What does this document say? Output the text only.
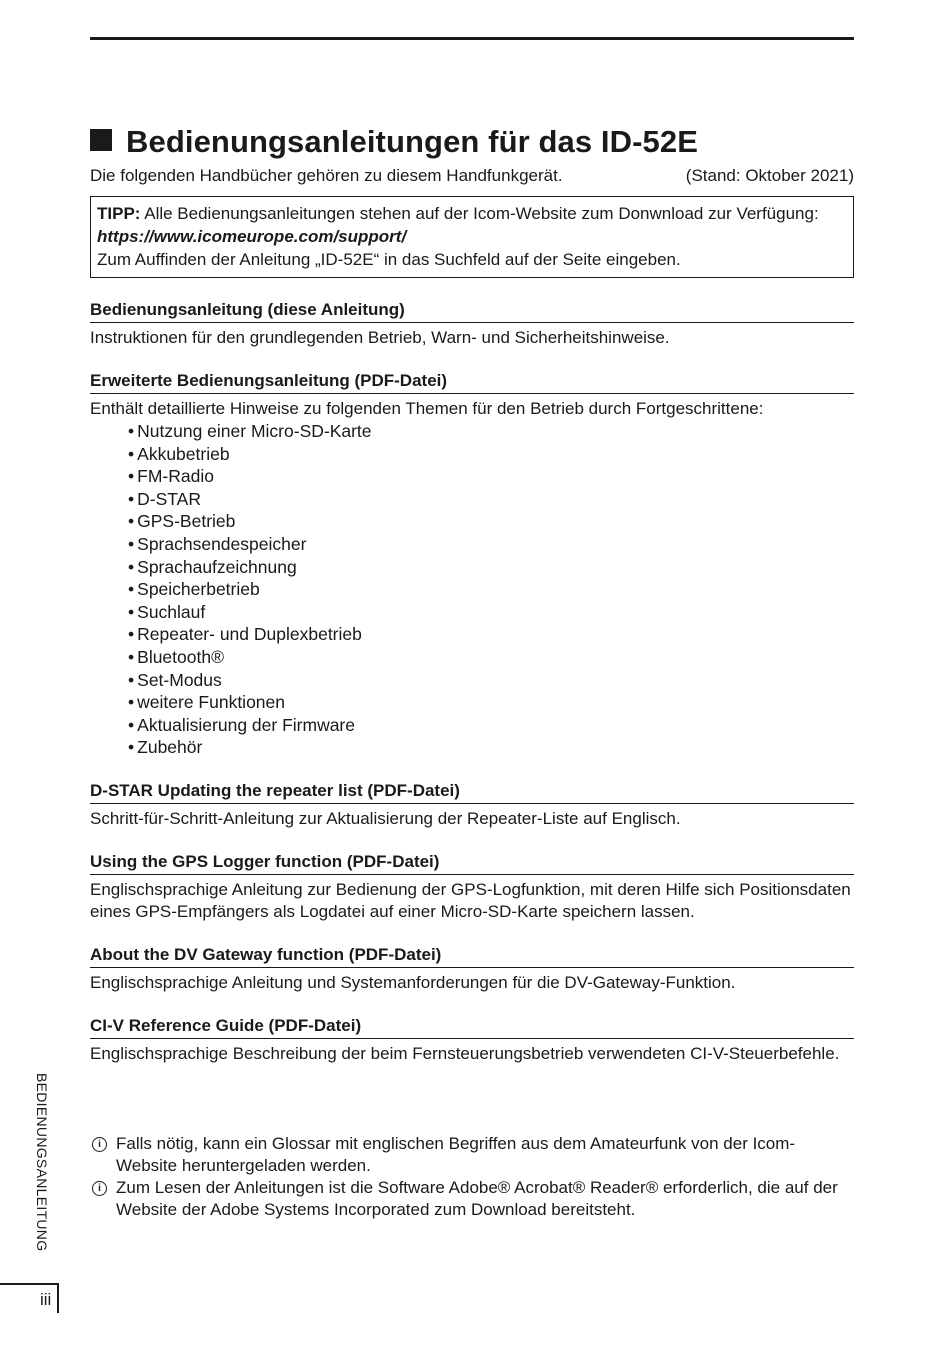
Bedienungsanleitungen für das ID-52E
Die folgenden Handbücher gehören zu diesem Handfunkgerät.	(Stand: Oktober 2021)
TIPP: Alle Bedienungsanleitungen stehen auf der Icom-Website zum Donwnload zur Verfügung: https://www.icomeurope.com/support/
Zum Auffinden der Anleitung „ID-52E“ in das Suchfeld auf der Seite eingeben.
Bedienungsanleitung (diese Anleitung)

Instruktionen für den grundlegenden Betrieb, Warn- und Sicherheitshinweise.

Erweiterte Bedienungsanleitung (PDF-Datei)

Enthält detaillierte Hinweise zu folgenden Themen für den Betrieb durch Fortgeschrittene:

• Nutzung einer Micro-SD-Karte
• Akkubetrieb
• FM-Radio
• D-STAR
• GPS-Betrieb
• Sprachsendespeicher
• Sprachaufzeichnung
• Speicherbetrieb
• Suchlauf
• Repeater- und Duplexbetrieb
• Bluetooth®
• Set-Modus
• weitere Funktionen
• Aktualisierung der Firmware
• Zubehör
D-STAR Updating the repeater list (PDF-Datei)

Schritt-für-Schritt-Anleitung zur Aktualisierung der Repeater-Liste auf Englisch.

Using the GPS Logger function (PDF-Datei)

Englischsprachige Anleitung zur Bedienung der GPS-Logfunktion, mit deren Hilfe sich Positionsdaten eines GPS-Empfängers als Logdatei auf einer Micro-SD-Karte speichern lassen.

About the DV Gateway function (PDF-Datei)

Englischsprachige Anleitung und Systemanforderungen für die DV-Gateway-Funktion.

CI-V Reference Guide (PDF-Datei)

Englischsprachige Beschreibung der beim Fernsteuerungsbetrieb verwendeten CI-V-Steuerbefehle.

i Falls nötig, kann ein Glossar mit englischen Begriffen aus dem Amateurfunk von der Icom-Website heruntergeladen werden.
i Zum Lesen der Anleitungen ist die Software Adobe® Acrobat® Reader® erforderlich, die auf der Website der Adobe Systems Incorporated zum Download bereitsteht.
BEDIENUNGSANLEITUNG
iii
